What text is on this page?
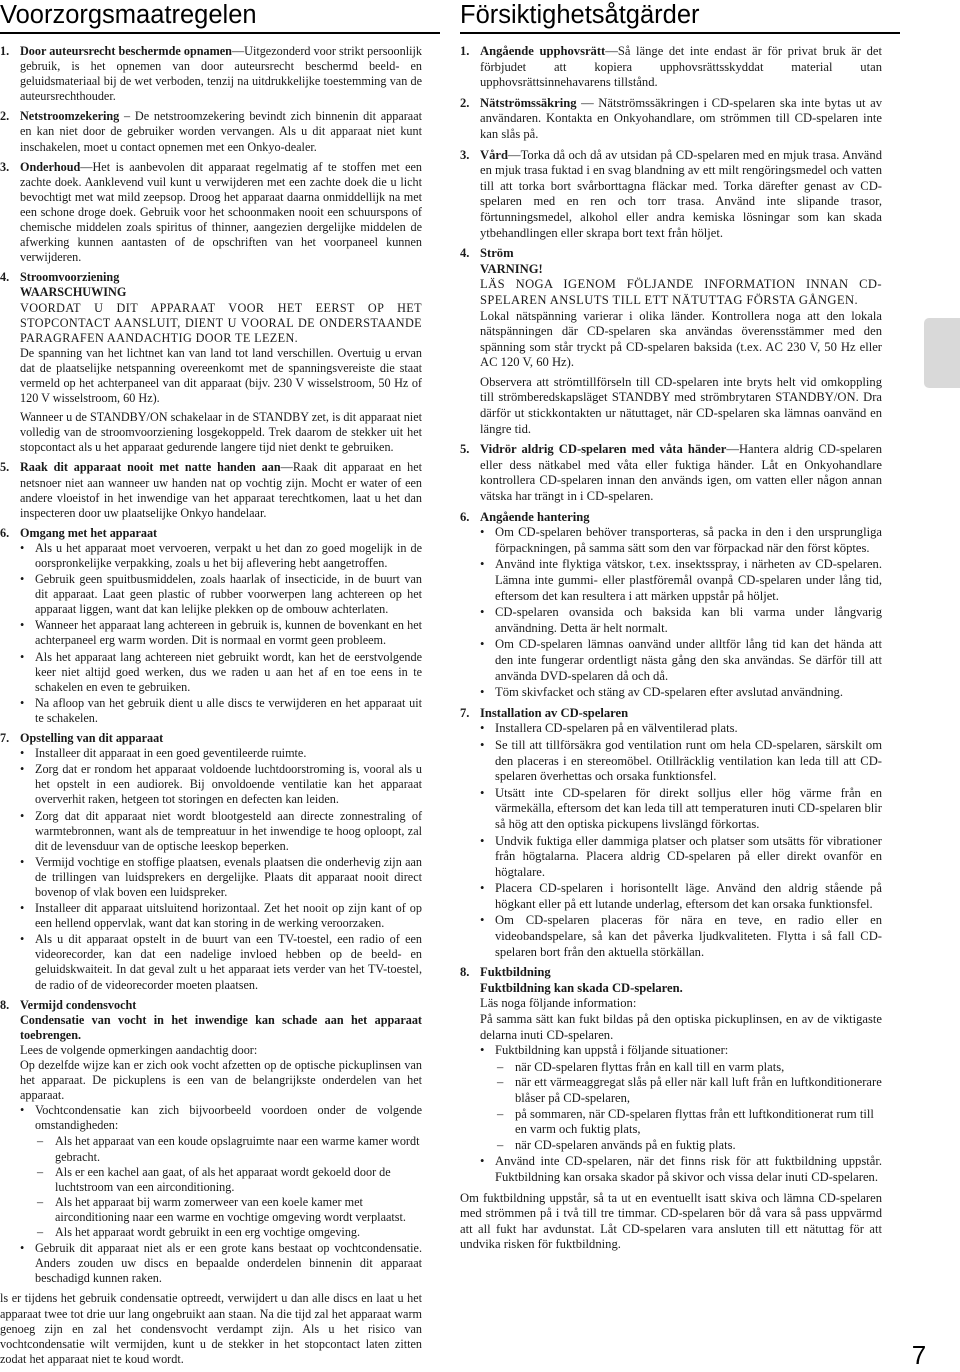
Voorzorgsmaatregelen	Försiktighetsåtgärder
1. Door auteursrecht beschermde opnamen—Uitgezonderd voor strikt persoonlijk gebruik, is het opnemen van door auteursrecht beschermd beeld- en geluidsmateriaal bij de wet verboden, tenzij na uitdrukkelijke toestemming van de auteursrechthouder.
2. Netstroomzekering – De netstroomzekering bevindt zich binnenin dit apparaat en kan niet door de gebruiker worden vervangen. Als u dit apparaat niet kunt inschakelen, moet u contact opnemen met een Onkyo-dealer.
3. Onderhoud—Het is aanbevolen dit apparaat regelmatig af te stoffen met een zachte doek. Aanklevend vuil kunt u verwijderen met een zachte doek die u licht bevochtigt met wat mild zeepsop. Droog het apparaat daarna onmiddellijk na met een schone droge doek. Gebruik voor het schoonmaken nooit een schuurspons of chemische middelen zoals spiritus of thinner, aangezien dergelijke middelen de afwerking kunnen aantasten of de opschriften van het voorpaneel kunnen verwijderen.
4. Stroomvoorziening
WAARSCHUWING
VOORDAT U DIT APPARAAT VOOR HET EERST OP HET STOPCONTACT AANSLUIT, DIENT U VOORAL DE ONDERSTAANDE PARAGRAFEN AANDACHTIG DOOR TE LEZEN.
De spanning van het lichtnet kan van land tot land verschillen. Overtuig u ervan dat de plaatselijke netspanning overeenkomt met de spanningsvereiste die staat vermeld op het achterpaneel van dit apparaat (bijv. 230 V wisselstroom, 50 Hz of 120 V wisselstroom, 60 Hz).
Wanneer u de STANDBY/ON schakelaar in de STANDBY zet, is dit apparaat niet volledig van de stroomvoorziening losgekoppeld. Trek daarom de stekker uit het stopcontact als u het apparaat gedurende langere tijd niet denkt te gebruiken.
5. Raak dit apparaat nooit met natte handen aan—Raak dit apparaat en het netsnoer niet aan wanneer uw handen nat op vochtig zijn. Mocht er water of een andere vloeistof in het inwendige van het apparaat terechtkomen, laat u het dan inspecteren door uw plaatselijke Onkyo handelaar.
6. Omgang met het apparaat
• Als u het apparaat moet vervoeren, verpakt u het dan zo goed mogelijk in de oorspronkelijke verpakking, zoals u het bij aflevering hebt aangetroffen.
• Gebruik geen spuitbusmiddelen, zoals haarlak of insecticide, in de buurt van dit apparaat. Laat geen plastic of rubber voorwerpen lang achtereen op het apparaat liggen, want dat kan lelijke plekken op de ombouw achterlaten.
• Wanneer het apparaat lang achtereen in gebruik is, kunnen de bovenkant en het achterpaneel erg warm worden. Dit is normaal en vormt geen probleem.
• Als het apparaat lang achtereen niet gebruikt wordt, kan het de eerstvolgende keer niet altijd goed werken, dus we raden u aan het af en toe eens in te schakelen en even te gebruiken.
• Na afloop van het gebruik dient u alle discs te verwijderen en het apparaat uit te schakelen.
7. Opstelling van dit apparaat
• Installeer dit apparaat in een goed geventileerde ruimte.
• Zorg dat er rondom het apparaat voldoende luchtdoorstroming is, vooral als u het opstelt in een audiorek. Bij onvoldoende ventilatie kan het apparaat oververhit raken, hetgeen tot storingen en defecten kan leiden.
• Zorg dat dit apparaat niet wordt blootgesteld aan directe zonnestraling of warmtebronnen, want als de tempreatuur in het inwendige te hoog oploopt, zal dit de levensduur van de optische leeskop beperken.
• Vermijd vochtige en stoffige plaatsen, evenals plaatsen die onderhevig zijn aan de trillingen van luidsprekers en dergelijke. Plaats dit apparaat nooit direct bovenop of vlak boven een luidspreker.
• Installeer dit apparaat uitsluitend horizontaal. Zet het nooit op zijn kant of op een hellend oppervlak, want dat kan storing in de werking veroorzaken.
• Als u dit apparaat opstelt in de buurt van een TV-toestel, een radio of een videorecorder, kan dat een nadelige invloed hebben op de beeld- en geluidskwaiteit. In dat geval zult u het apparaat iets verder van het TV-toestel, de radio of de videorecorder moeten plaatsen.
8. Vermijd condensvocht
Condensatie van vocht in het inwendige kan schade aan het apparaat toebrengen.
Lees de volgende opmerkingen aandachtig door:
Op dezelfde wijze kan er zich ook vocht afzetten op de optische pickuplinsen van het apparaat. De pickuplens is een van de belangrijkste onderdelen van het apparaat.
• Vochtcondensatie kan zich bijvoorbeeld voordoen onder de volgende omstandigheden:
– Als het apparaat van een koude opslagruimte naar een warme kamer wordt gebracht.
– Als er een kachel aan gaat, of als het apparaat wordt gekoeld door de luchtstroom van een airconditioning.
– Als het apparaat bij warm zomerweer van een koele kamer met airconditioning naar een warme en vochtige omgeving wordt verplaatst.
– Als het apparaat wordt gebruikt in een erg vochtige omgeving.
• Gebruik dit apparaat niet als er een grote kans bestaat op vochtcondensatie. Anders zouden uw discs en bepaalde onderdelen binnenin dit apparaat beschadigd kunnen raken.
ls er tijdens het gebruik condensatie optreedt, verwijdert u dan alle discs en laat u het apparaat twee tot drie uur lang ongebruikt aan staan. Na die tijd zal het apparaat warm genoeg zijn en zal het condensvocht verdampt zijn. Als u het risico van vochtcondensatie wilt vermijden, kunt u de stekker in het stopcontact laten zitten zodat het apparaat niet te koud wordt.
1. Angående upphovsrätt—Så länge det inte endast är för privat bruk är det förbjudet att kopiera upphovsrättsskyddat material utan upphovsrättsinnehavarens tillstånd.
2. Nätströmssäkring — Nätströmssäkringen i CD-spelaren ska inte bytas ut av användaren. Kontakta en Onkyohandlare, om strömmen till CD-spelaren inte kan slås på.
3. Vård—Torka då och då av utsidan på CD-spelaren med en mjuk trasa. Använd en mjuk trasa fuktad i en svag blandning av ett milt rengöringsmedel och vatten till att torka bort svårborttagna fläckar med. Torka därefter genast av CD-spelaren med en ren och torr trasa. Använd inte slipande trasor, förtunningsmedel, alkohol eller andra kemiska lösningar som kan skada ytbehandlingen eller skrapa bort text från höljet.
4. Ström
VARNING!
LÄS NOGA IGENOM FÖLJANDE INFORMATION INNAN CD-SPELAREN ANSLUTS TILL ETT NÄTUTTAG FÖRSTA GÅNGEN.
Lokal nätspänning varierar i olika länder. Kontrollera noga att den lokala nätspänningen där CD-spelaren ska användas överensstämmer med den spänning som står tryckt på CD-spelaren baksida (t.ex. AC 230 V, 50 Hz eller AC 120 V, 60 Hz).
Observera att strömtillförseln till CD-spelaren inte bryts helt vid omkoppling till strömberedskapsläget STANDBY med strömbrytaren STANDBY/ON. Dra därför ut stickkontakten ur nätuttaget, när CD-spelaren ska lämnas oanvänd en längre tid.
5. Vidrör aldrig CD-spelaren med våta händer—Hantera aldrig CD-spelaren eller dess nätkabel med våta eller fuktiga händer. Låt en Onkyohandlare kontrollera CD-spelaren innan den används igen, om vatten eller någon annan vätska har trängt in i CD-spelaren.
6. Angående hantering
• Om CD-spelaren behöver transporteras, så packa in den i den ursprungliga förpackningen, på samma sätt som den var förpackad när den först köptes.
• Använd inte flyktiga vätskor, t.ex. insektsspray, i närheten av CD-spelaren. Lämna inte gummi- eller plastföremål ovanpå CD-spelaren under lång tid, eftersom det kan resultera i att märken uppstår på höljet.
• CD-spelaren ovansida och baksida kan bli varma under långvarig användning. Detta är helt normalt.
• Om CD-spelaren lämnas oanvänd under alltför lång tid kan det hända att den inte fungerar ordentligt nästa gång den ska användas. Se därför till att använda DVD-spelaren då och då.
• Töm skivfacket och stäng av CD-spelaren efter avslutad användning.
7. Installation av CD-spelaren
• Installera CD-spelaren på en välventilerad plats.
• Se till att tillförsäkra god ventilation runt om hela CD-spelaren, särskilt om den placeras i en stereomöbel. Otillräcklig ventilation kan leda till att CD-spelaren överhettas och orsaka funktionsfel.
• Utsätt inte CD-spelaren för direkt solljus eller hög värme från en värmekälla, eftersom det kan leda till att temperaturen inuti CD-spelaren blir så hög att den optiska pickupens livslängd förkortas.
• Undvik fuktiga eller dammiga platser och platser som utsätts för vibrationer från högtalarna. Placera aldrig CD-spelaren på eller direkt ovanför en högtalare.
• Placera CD-spelaren i horisontellt läge. Använd den aldrig stående på högkant eller på ett lutande underlag, eftersom det kan orsaka funktionsfel.
• Om CD-spelaren placeras för nära en teve, en radio eller en videobandspelare, så kan det påverka ljudkvaliteten. Flytta i så fall CD-spelaren bort från den aktuella störkällan.
8. Fuktbildning
Fuktbildning kan skada CD-spelaren.
Läs noga följande information:
På samma sätt kan fukt bildas på den optiska pickuplinsen, en av de viktigaste delarna inuti CD-spelaren.
• Fuktbildning kan uppstå i följande situationer:
– när CD-spelaren flyttas från en kall till en varm plats,
– när ett värmeaggregat slås på eller när kall luft från en luftkonditionerare blåser på CD-spelaren,
– på sommaren, när CD-spelaren flyttas från ett luftkonditionerat rum till en varm och fuktig plats,
– när CD-spelaren används på en fuktig plats.
• Använd inte CD-spelaren, när det finns risk för att fuktbildning uppstår. Fuktbildning kan orsaka skador på skivor och vissa delar inuti CD-spelaren.
Om fuktbildning uppstår, så ta ut en eventuellt isatt skiva och lämna CD-spelaren med strömmen på i två till tre timmar. CD-spelaren bör då vara så pass uppvärmd att all fukt har avdunstat. Låt CD-spelaren vara ansluten till ett nätuttag för att undvika risken för fuktbildning.
7
